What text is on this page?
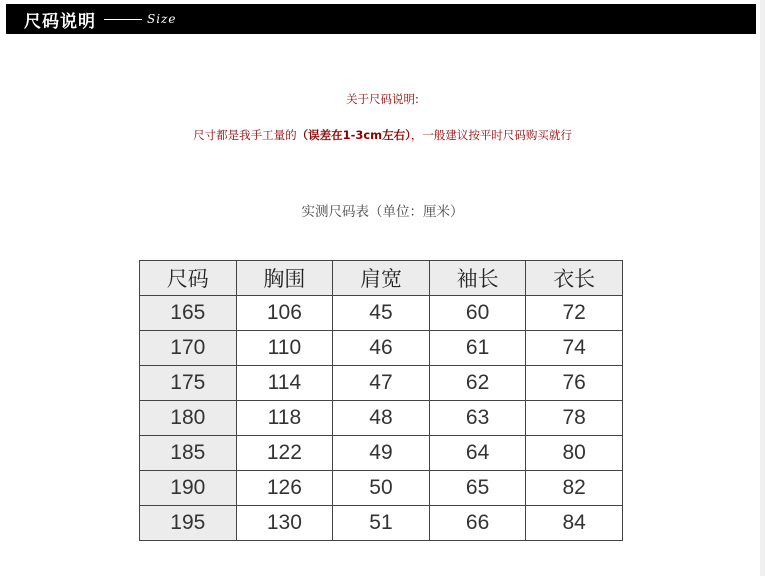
尺码说明	Size
关于尺码说明:
尺寸都是我手工量的（误差在1-3cm左右），一般建议按平时尺码购买就行
实测尺码表（单位：厘米）
尺码	胸围	肩宽	袖长	衣长
165	106	45	60	72
170	110	46	61	74
175	114	47	62	76
180	118	48	63	78
185	122	49	64	80
190	126	50	65	82
195	130	51	66	84
